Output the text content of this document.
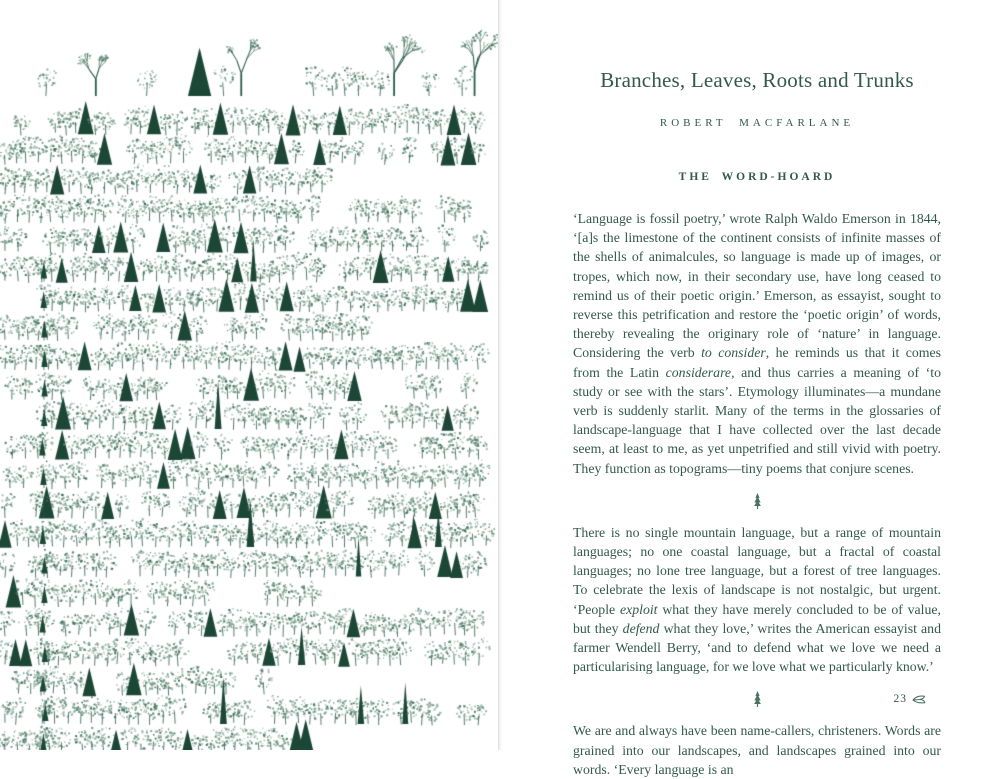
Branches, Leaves, Roots and Trunks
ROBERT MACFARLANE
THE WORD-HOARD

‘Language is fossil poetry,’ wrote Ralph Waldo Emerson in 1844, ‘[a]s the limestone of the continent consists of infinite masses of the shells of animalcules, so language is made up of images, or tropes, which now, in their secondary use, have long ceased to remind us of their poetic origin.’ Emerson, as essayist, sought to reverse this petrification and restore the ‘poetic origin’ of words, thereby revealing the originary role of ‘nature’ in language. Considering the verb to consider, he reminds us that it comes from the Latin considerare, and thus carries a meaning of ‘to study or see with the stars’. Etymology illuminates—a mundane verb is suddenly starlit. Many of the terms in the glossaries of landscape-language that I have collected over the last decade seem, at least to me, as yet unpetrified and still vivid with poetry. They function as topograms—tiny poems that conjure scenes.

There is no single mountain language, but a range of mountain languages; no one coastal language, but a fractal of coastal languages; no lone tree language, but a forest of tree languages. To celebrate the lexis of landscape is not nostalgic, but urgent. ‘People exploit what they have merely concluded to be of value, but they defend what they love,’ writes the American essayist and farmer Wendell Berry, ‘and to defend what we love we need a particularising language, for we love what we particularly know.’

We are and always have been name-callers, christeners. Words are grained into our landscapes, and landscapes grained into our words. ‘Every language is an

23
